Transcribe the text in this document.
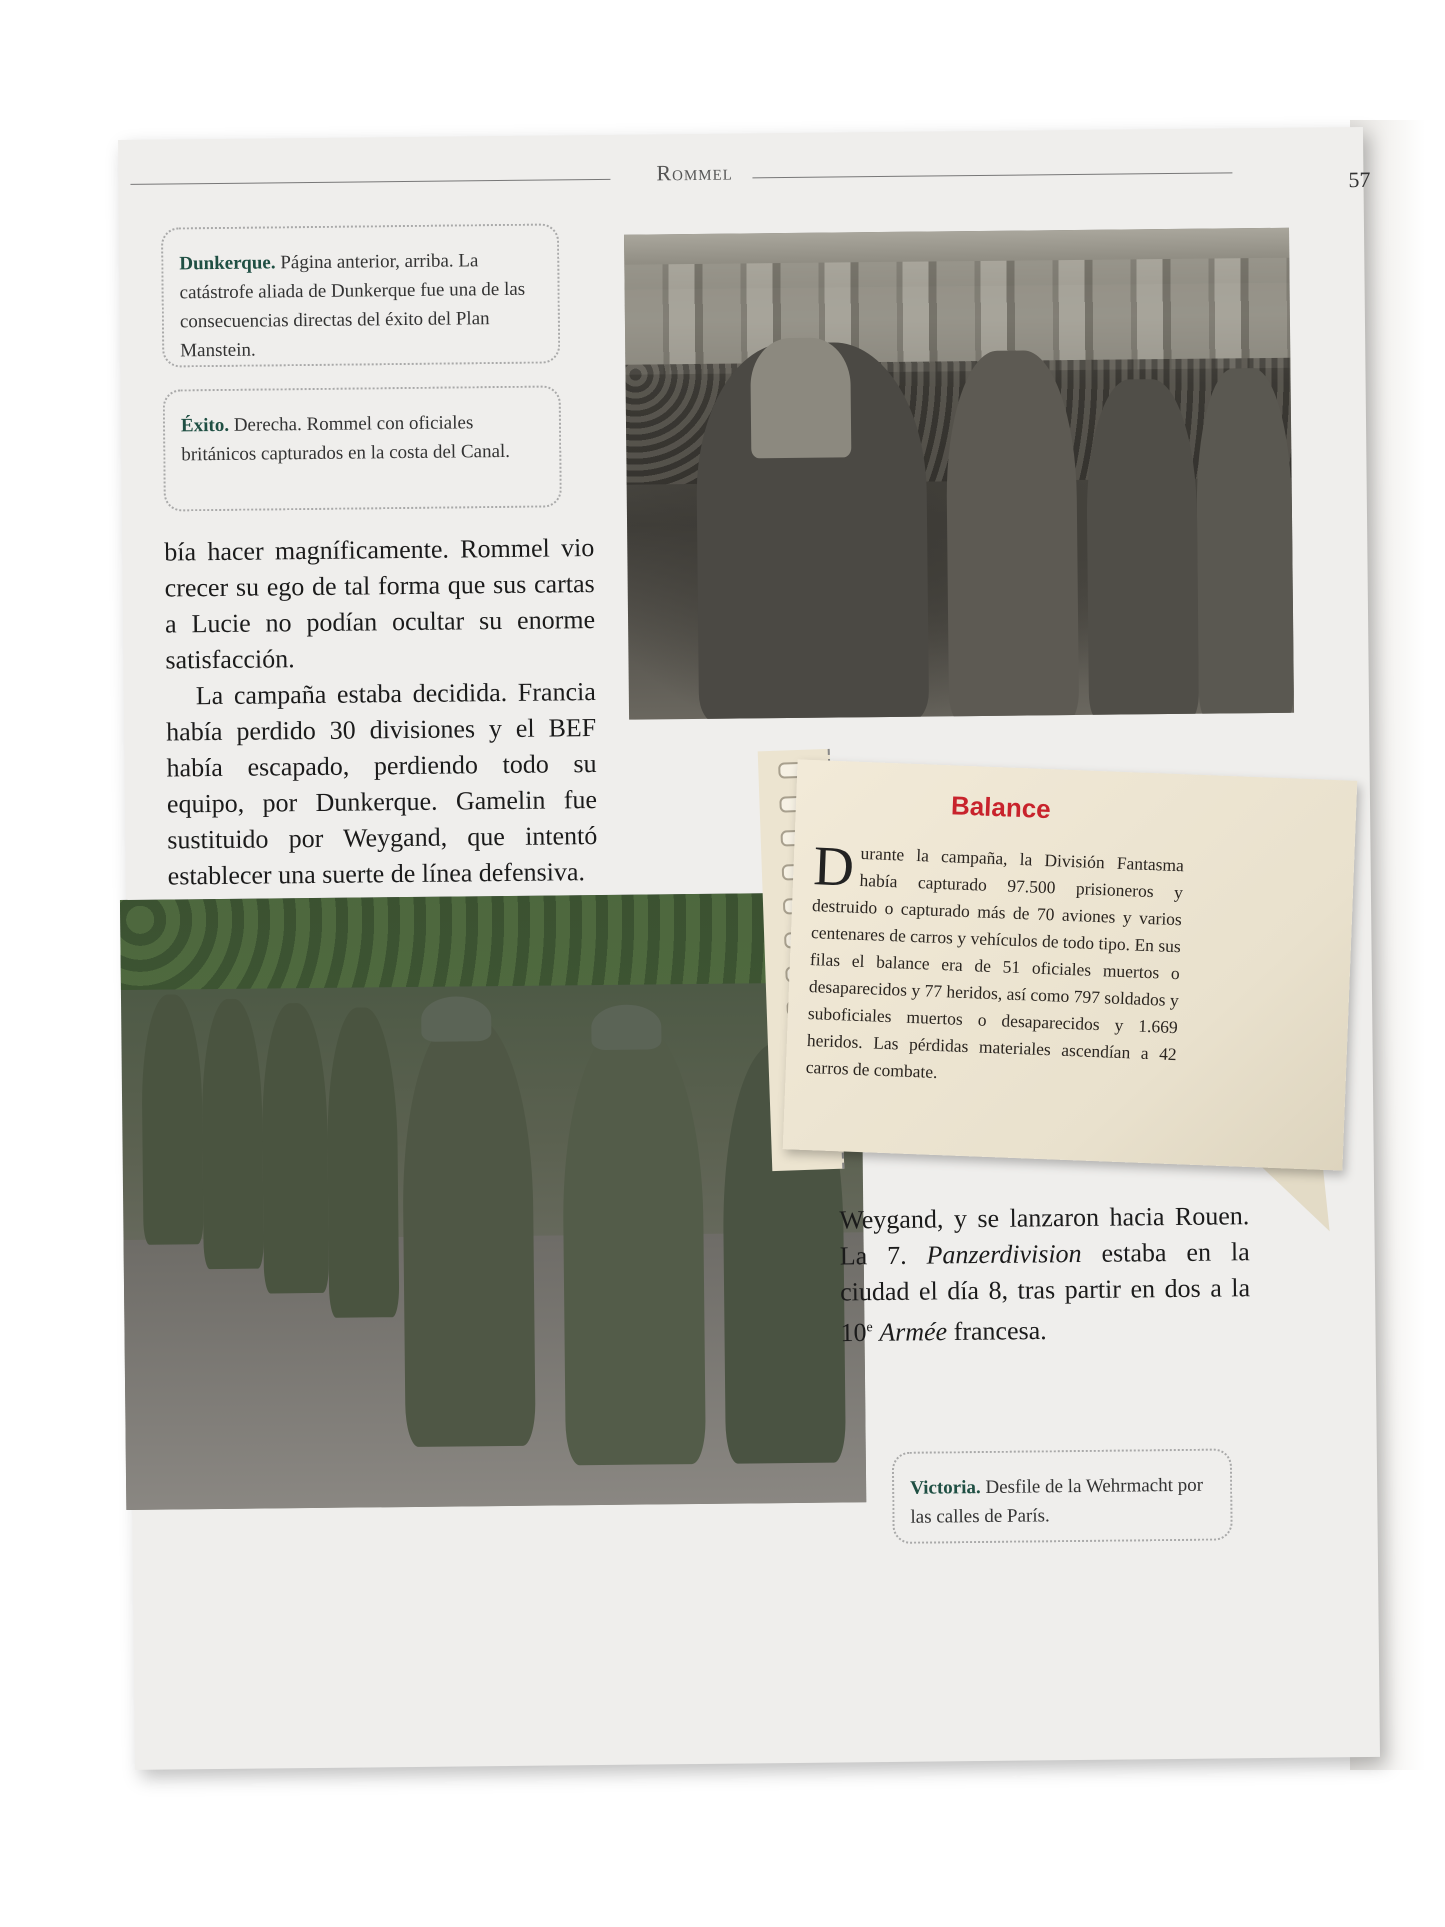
Rommel	57
Dunkerque. Página anterior, arriba. La catástrofe aliada de Dunkerque fue una de las consecuencias directas del éxito del Plan Manstein.
Éxito. Derecha. Rommel con oficiales británicos capturados en la costa del Canal.

bía hacer magníficamente. Rommel vio crecer su ego de tal forma que sus cartas a Lucie no podían ocultar su enorme satisfacción.

La campaña estaba decidida. Francia había perdido 30 divisiones y el BEF había escapado, perdiendo todo su equipo, por Dunkerque. Gamelin fue sustituido por Weygand, que intentó establecer una suerte de línea defensiva.

Weygand, y se lanzaron hacia Rouen. La 7. Panzerdivision estaba en la ciudad el día 8, tras partir en dos a la 10e Armée francesa.

Victoria. Desfile de la Wehrmacht por las calles de París.
Balance
Durante la campaña, la División Fantasma había capturado 97.500 prisioneros y destruido o capturado más de 70 aviones y varios centenares de carros y vehículos de todo tipo. En sus filas el balance era de 51 oficiales muertos o desaparecidos y 77 heridos, así como 797 soldados y suboficiales muertos o desaparecidos y 1.669 heridos. Las pérdidas materiales ascendían a 42 carros de combate.
